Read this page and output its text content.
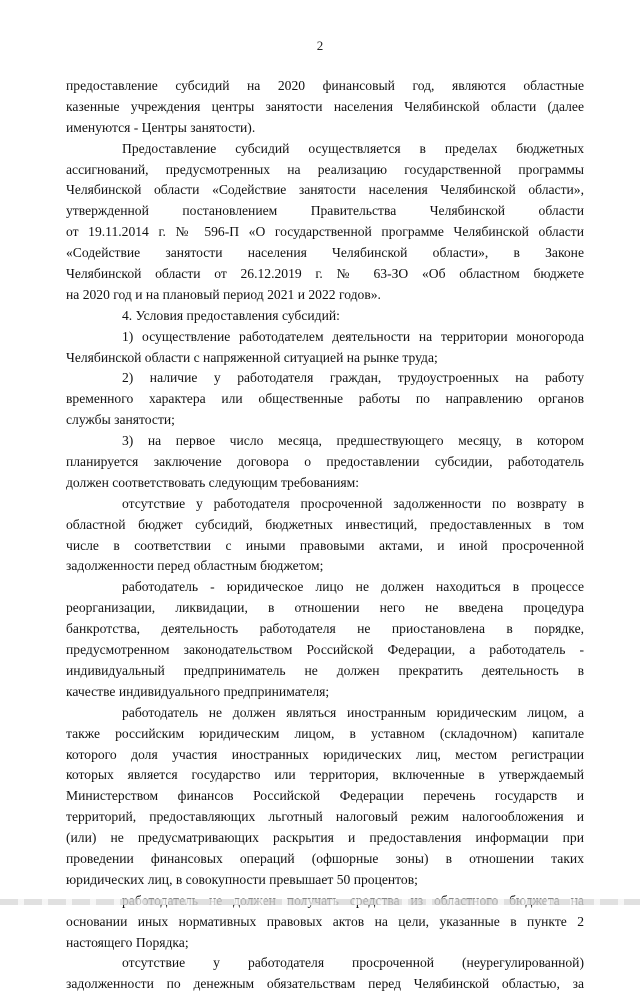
2
предоставление субсидий на 2020 финансовый год, являются областные
казенные учреждения центры занятости населения Челябинской области (далее
именуются - Центры занятости).
Предоставление субсидий осуществляется в пределах бюджетных
ассигнований, предусмотренных на реализацию государственной программы
Челябинской области «Содействие занятости населения Челябинской области»,
утвержденной постановлением Правительства Челябинской области
от 19.11.2014 г. № 596-П «О государственной программе Челябинской области
«Содействие занятости населения Челябинской области», в Законе
Челябинской области от 26.12.2019 г. № 63-ЗО «Об областном бюджете
на 2020 год и на плановый период 2021 и 2022 годов».
4. Условия предоставления субсидий:
1) осуществление работодателем деятельности на территории моногорода
Челябинской области с напряженной ситуацией на рынке труда;
2) наличие у работодателя граждан, трудоустроенных на работу
временного характера или общественные работы по направлению органов
службы занятости;
3) на первое число месяца, предшествующего месяцу, в котором
планируется заключение договора о предоставлении субсидии, работодатель
должен соответствовать следующим требованиям:
отсутствие у работодателя просроченной задолженности по возврату в
областной бюджет субсидий, бюджетных инвестиций, предоставленных в том
числе в соответствии с иными правовыми актами, и иной просроченной
задолженности перед областным бюджетом;
работодатель - юридическое лицо не должен находиться в процессе
реорганизации, ликвидации, в отношении него не введена процедура
банкротства, деятельность работодателя не приостановлена в порядке,
предусмотренном законодательством Российской Федерации, а работодатель -
индивидуальный предприниматель не должен прекратить деятельность в
качестве индивидуального предпринимателя;
работодатель не должен являться иностранным юридическим лицом, а
также российским юридическим лицом, в уставном (складочном) капитале
которого доля участия иностранных юридических лиц, местом регистрации
которых является государство или территория, включенные в утверждаемый
Министерством финансов Российской Федерации перечень государств и
территорий, предоставляющих льготный налоговый режим налогообложения и
(или) не предусматривающих раскрытия и предоставления информации при
проведении финансовых операций (офшорные зоны) в отношении таких
юридических лиц, в совокупности превышает 50 процентов;
основании иных нормативных правовых актов на цели, указанные в пункте 2
настоящего Порядка;
отсутствие у работодателя просроченной (неурегулированной)
задолженности по денежным обязательствам перед Челябинской областью, за
